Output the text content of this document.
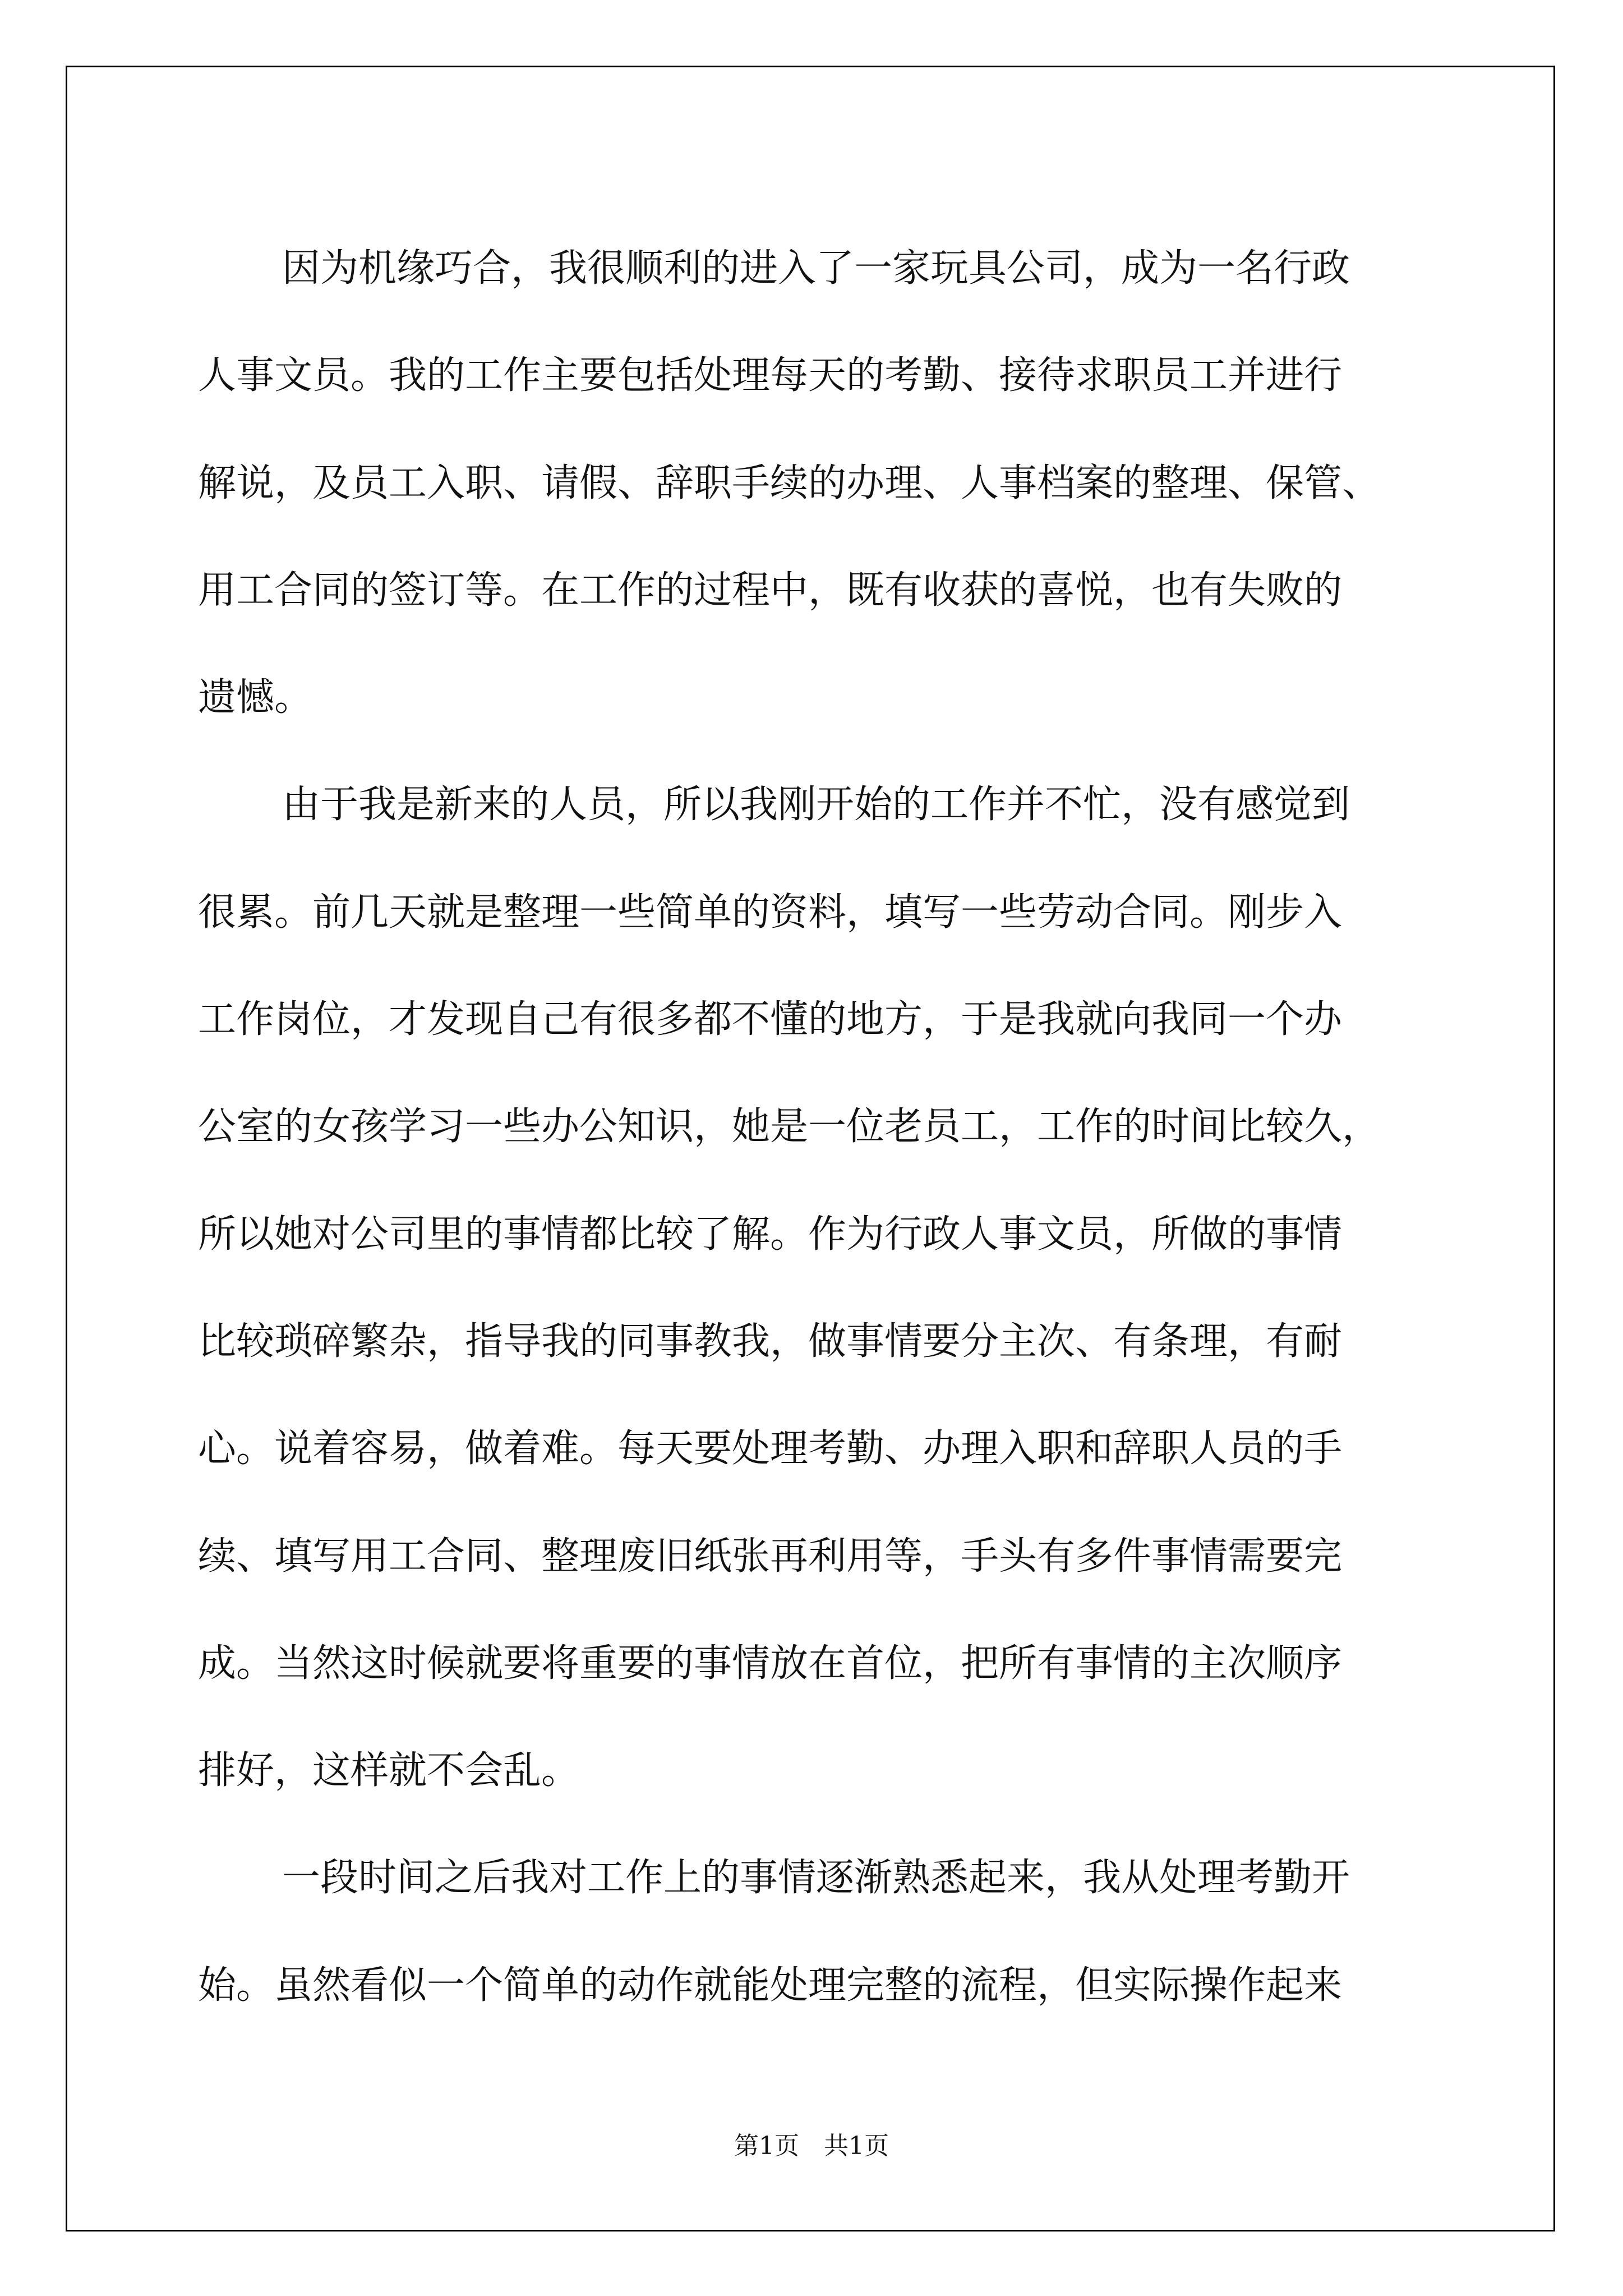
因为机缘巧合，我很顺利的进入了一家玩具公司，成为一名行政
人事文员。我的工作主要包括处理每天的考勤、接待求职员工并进行
解说，及员工入职、请假、辞职手续的办理、人事档案的整理、保管、
用工合同的签订等。在工作的过程中，既有收获的喜悦，也有失败的
遗憾。
由于我是新来的人员，所以我刚开始的工作并不忙，没有感觉到
很累。前几天就是整理一些简单的资料，填写一些劳动合同。刚步入
工作岗位，才发现自己有很多都不懂的地方，于是我就向我同一个办
公室的女孩学习一些办公知识，她是一位老员工，工作的时间比较久，
所以她对公司里的事情都比较了解。作为行政人事文员，所做的事情
比较琐碎繁杂，指导我的同事教我，做事情要分主次、有条理，有耐
心。说着容易，做着难。每天要处理考勤、办理入职和辞职人员的手
续、填写用工合同、整理废旧纸张再利用等，手头有多件事情需要完
成。当然这时候就要将重要的事情放在首位，把所有事情的主次顺序
排好，这样就不会乱。
一段时间之后我对工作上的事情逐渐熟悉起来，我从处理考勤开
始。虽然看似一个简单的动作就能处理完整的流程，但实际操作起来
第1页　共1页
